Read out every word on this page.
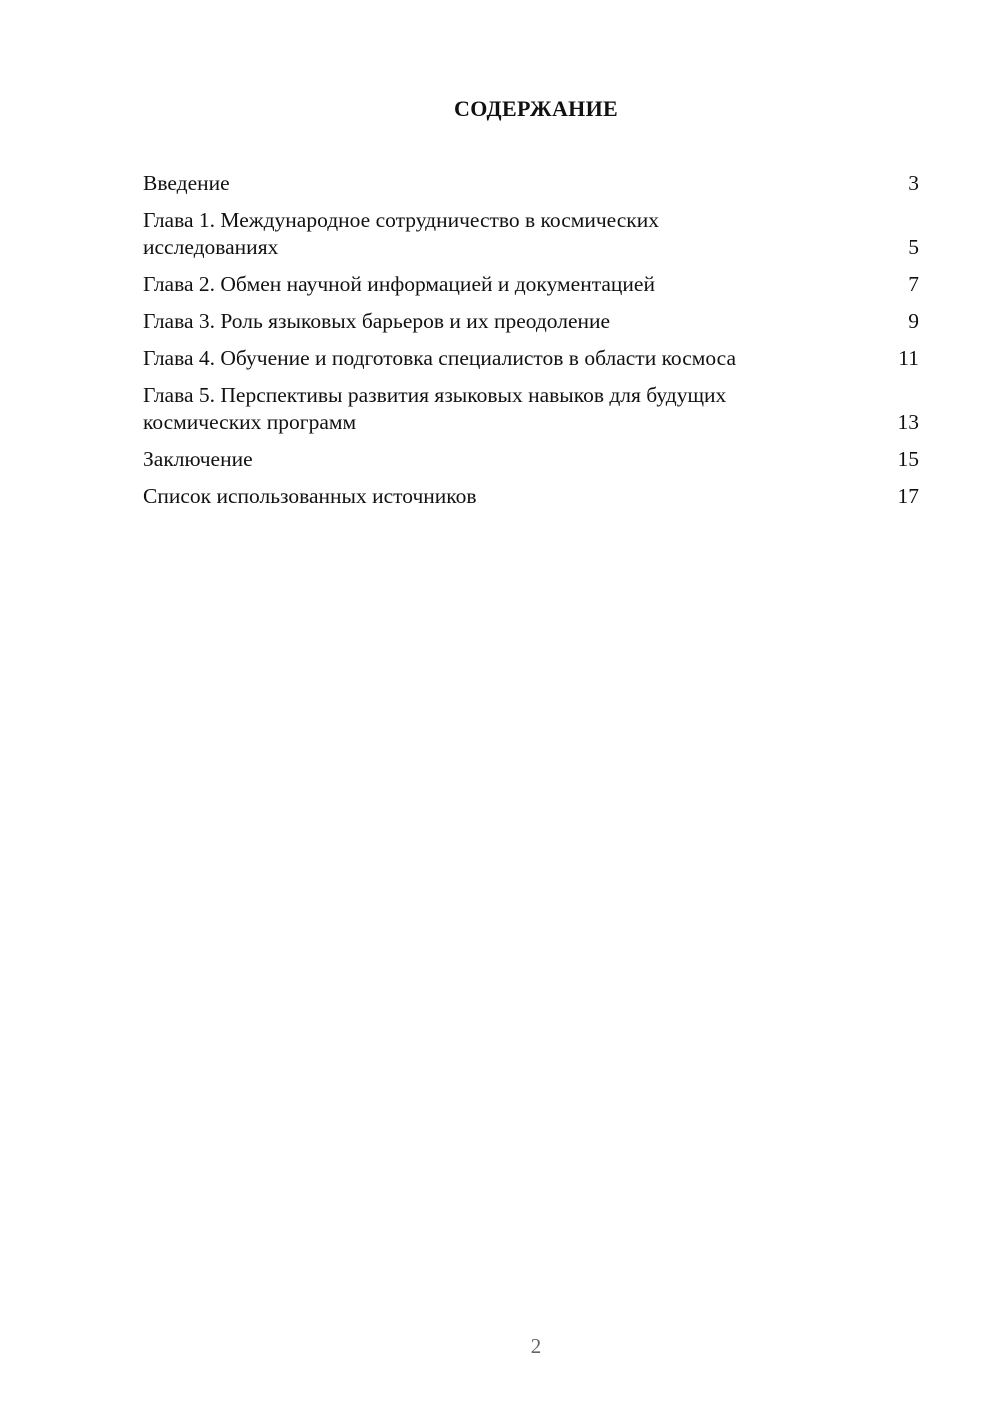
СОДЕРЖАНИЕ
Введение	3
Глава 1. Международное сотрудничество в космических исследованиях	5
Глава 2. Обмен научной информацией и документацией	7
Глава 3. Роль языковых барьеров и их преодоление	9
Глава 4. Обучение и подготовка специалистов в области космоса	11
Глава 5. Перспективы развития языковых навыков для будущих космических программ	13
Заключение	15
Список использованных источников	17
2
